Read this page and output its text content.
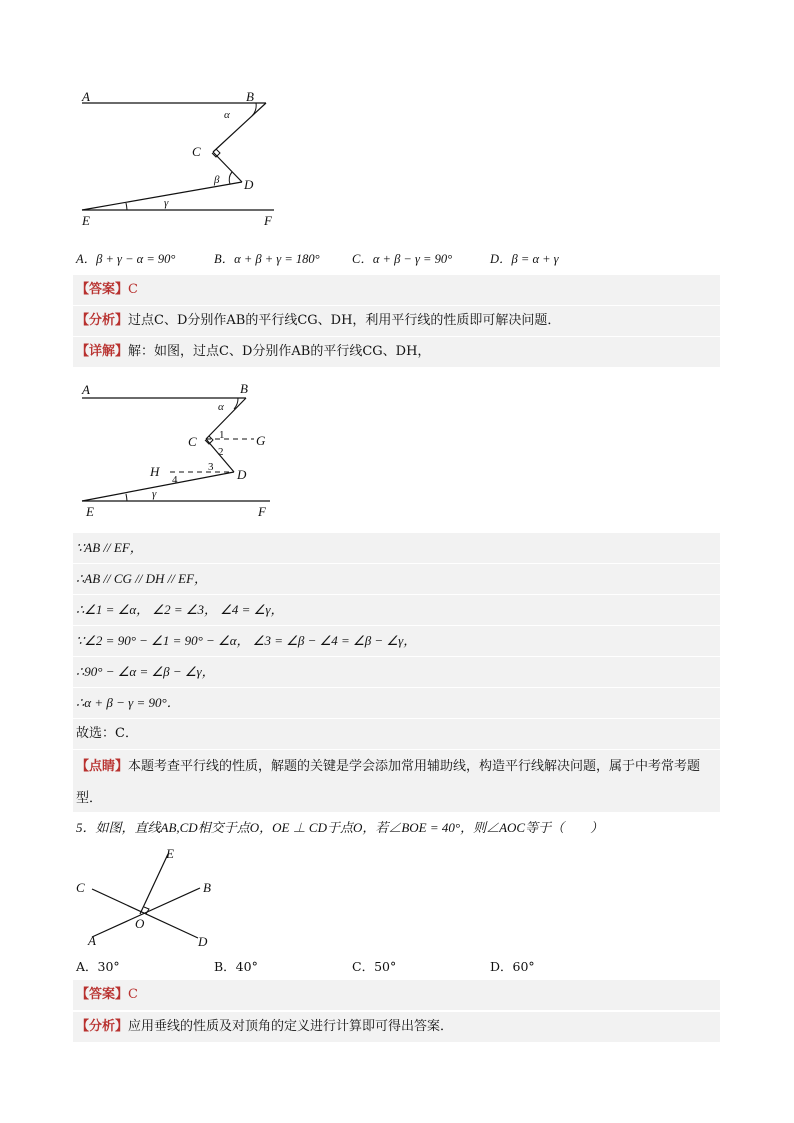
A	B
C
D
E	F
α
β
γ
A．β + γ − α = 90°	B．α + β + γ = 180°	C．α + β − γ = 90°	D．β = α + γ
【答案】C
【分析】过点C、D分别作AB的平行线CG、DH，利用平行线的性质即可解决问题．
【详解】解：如图，过点C、D分别作AB的平行线CG、DH，
A	B
C	G
H	D
E	F
α
γ
1
2
3
4
∵AB // EF，
∴AB // CG // DH // EF，
∴∠1 = ∠α， ∠2 = ∠3， ∠4 = ∠γ，
∵∠2 = 90° − ∠1 = 90° − ∠α， ∠3 = ∠β − ∠4 = ∠β − ∠γ，
∴90° − ∠α = ∠β − ∠γ，
∴α + β − γ = 90°．
故选：C．
【点睛】本题考查平行线的性质，解题的关键是学会添加常用辅助线，构造平行线解决问题，属于中考常考题型．
5．如图，直线AB,CD相交于点O，OE ⊥ CD于点O，若∠BOE = 40°，则∠AOC等于（　　）
E
C	B
O
A	D
A．30°	B．40°	C．50°	D．60°
【答案】C
【分析】应用垂线的性质及对顶角的定义进行计算即可得出答案．
